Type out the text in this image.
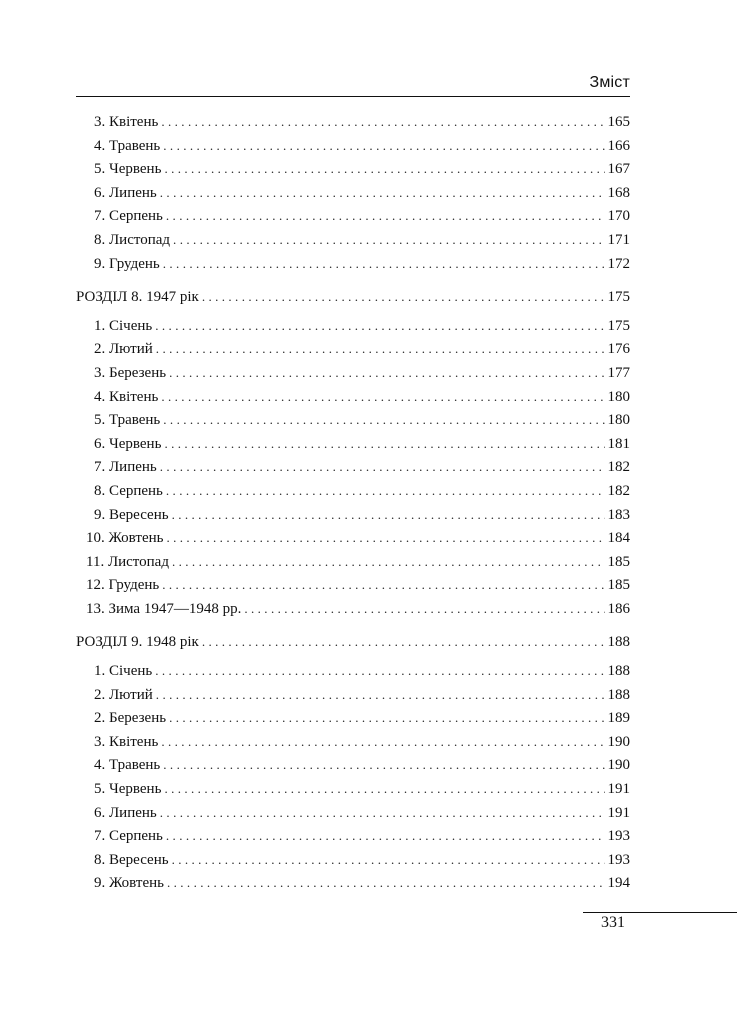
Зміст
3. Квітень .....	165
4. Травень .....	166
5. Червень .....	167
6. Липень .....	168
7. Серпень .....	170
8. Листопад .....	171
9. Грудень .....	172
РОЗДІЛ 8. 1947 рік .....	175
1. Січень .....	175
2. Лютий .....	176
3. Березень .....	177
4. Квітень .....	180
5. Травень .....	180
6. Червень .....	181
7. Липень .....	182
8. Серпень .....	182
9. Вересень .....	183
10. Жовтень .....	184
11. Листопад .....	185
12. Грудень .....	185
13. Зима 1947—1948 рр. .....	186
РОЗДІЛ 9. 1948 рік .....	188
1. Січень .....	188
2. Лютий .....	188
2. Березень .....	189
3. Квітень .....	190
4. Травень .....	190
5. Червень .....	191
6. Липень .....	191
7. Серпень .....	193
8. Вересень .....	193
9. Жовтень .....	194
331
